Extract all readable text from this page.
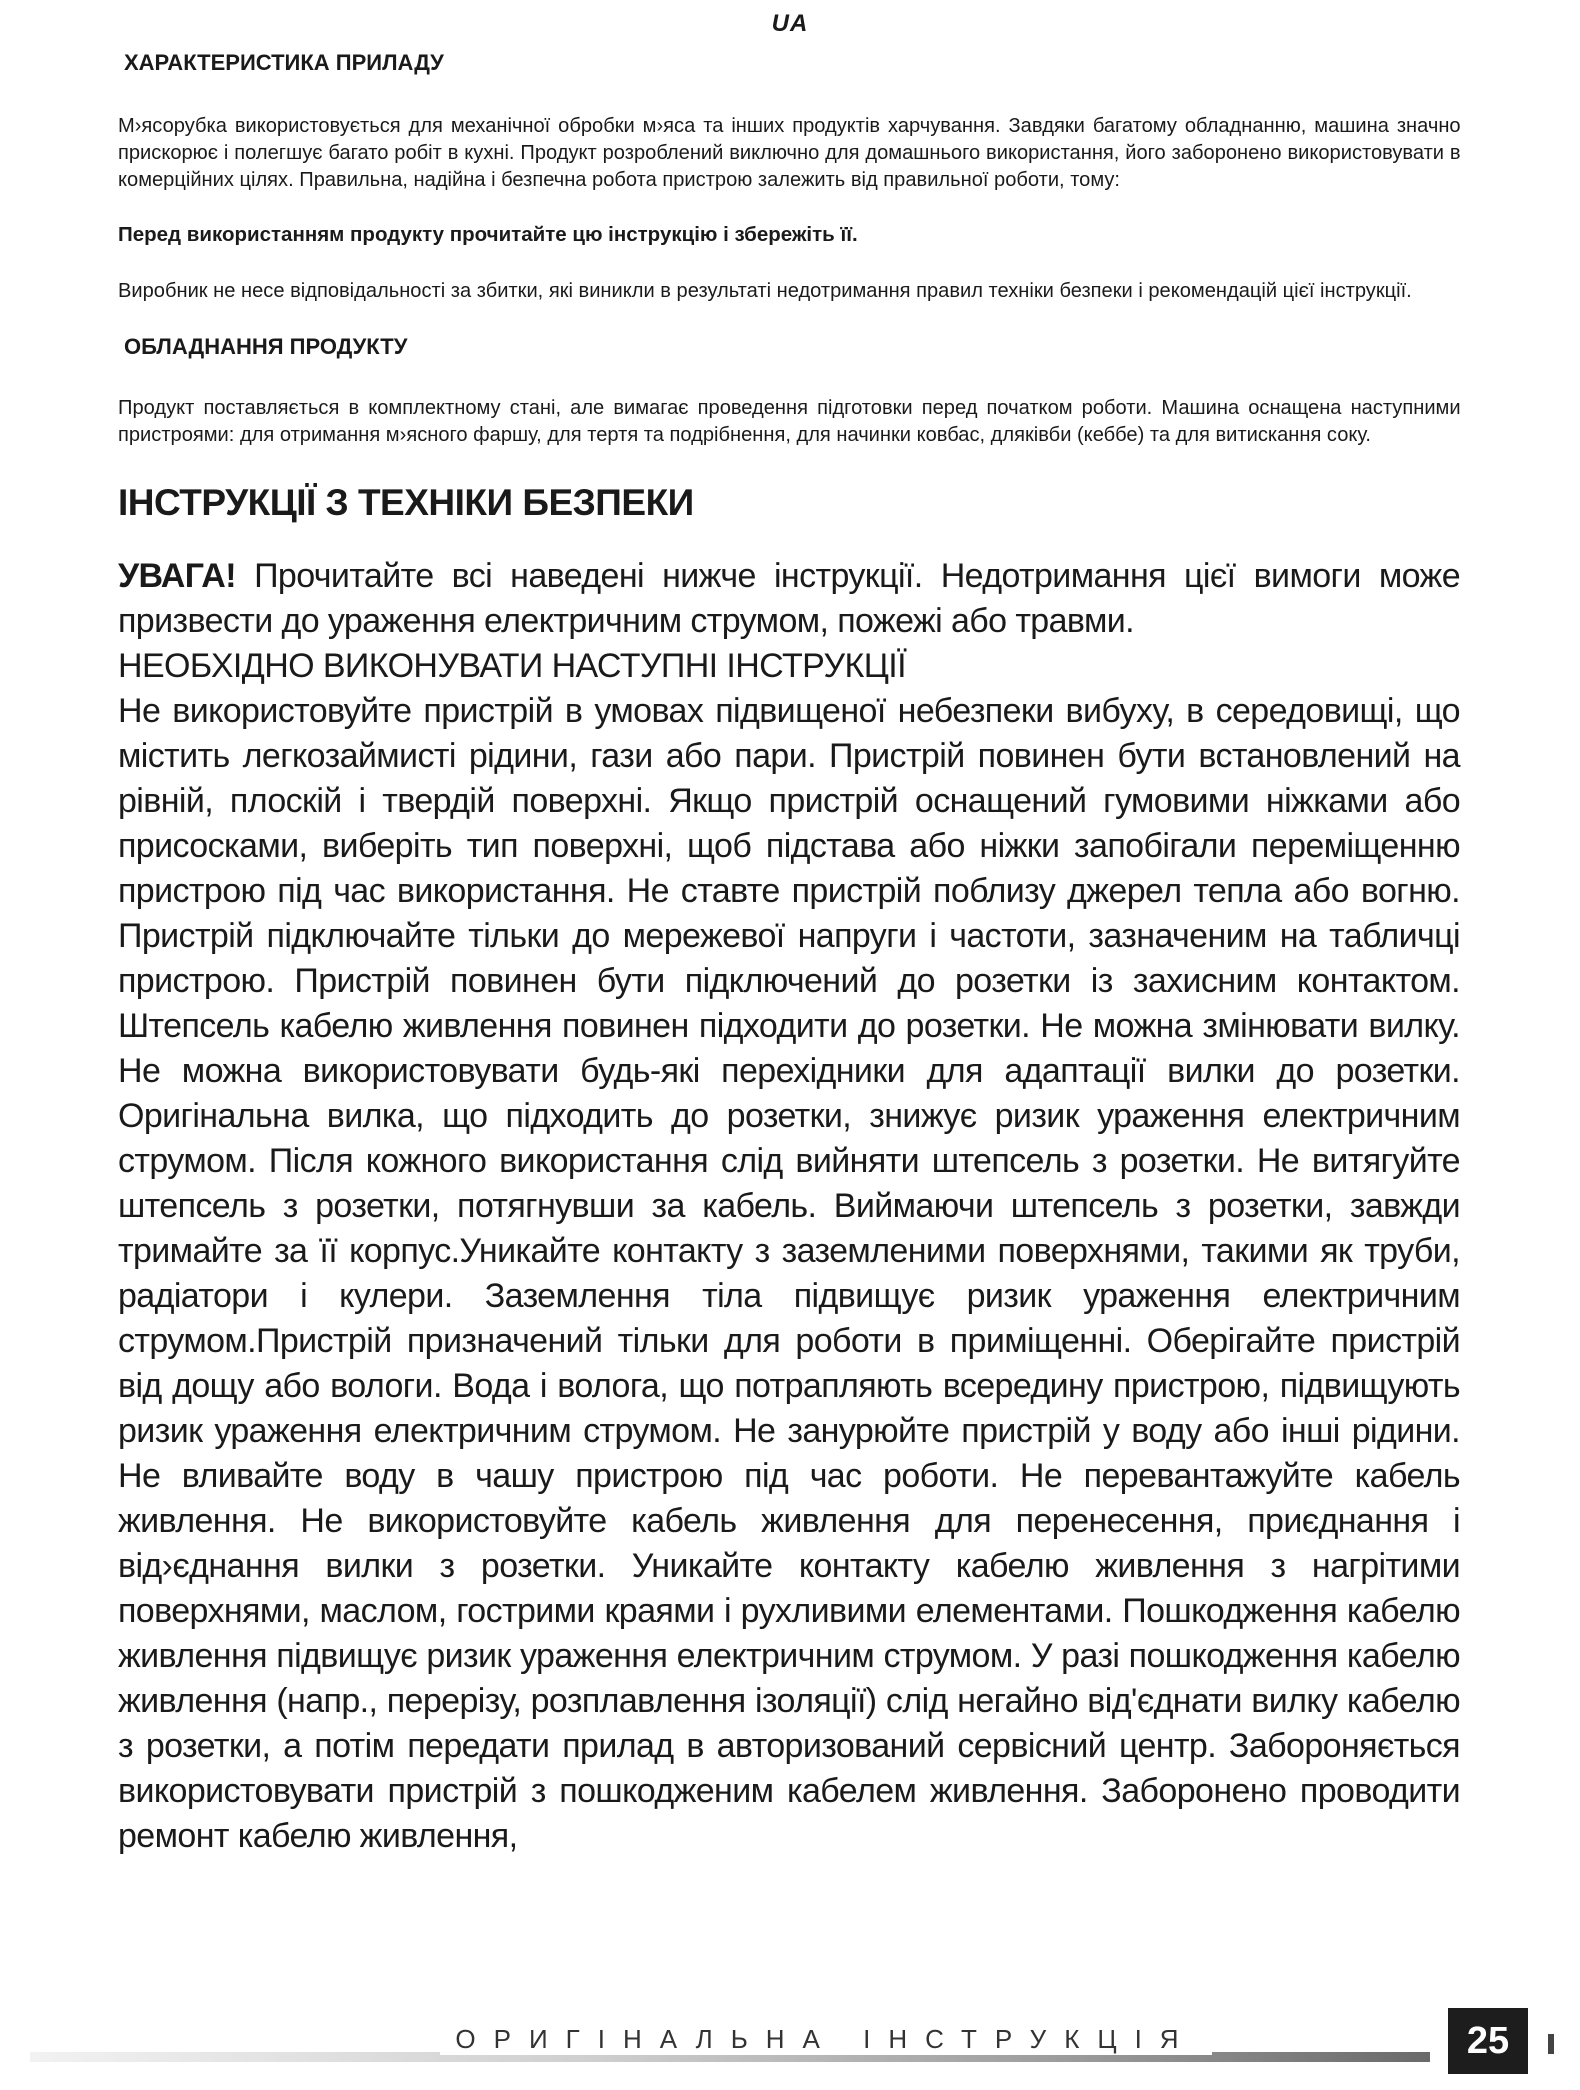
UA
ХАРАКТЕРИСТИКА ПРИЛАДУ

М›ясорубка використовується для механічної обробки м›яса та інших продуктів харчування. Завдяки багатому обладнанню, машина значно прискорює і полегшує багато робіт в кухні. Продукт розроблений виключно для домашнього використання, його заборонено використовувати в комерційних цілях. Правильна, надійна і безпечна робота пристрою залежить від правильної роботи, тому:

Перед використанням продукту прочитайте цю інструкцію і збережіть її.

Виробник не несе відповідальності за збитки, які виникли в результаті недотримання правил техніки безпеки і рекомендацій цієї інструкції.

ОБЛАДНАННЯ ПРОДУКТУ

Продукт поставляється в комплектному стані, але вимагає проведення підготовки перед початком роботи. Машина оснащена наступними пристроями: для отримання м›ясного фаршу, для тертя та подрібнення, для начинки ковбас, дляківби (кеббе) та для витискання соку.

ІНСТРУКЦІЇ З ТЕХНІКИ БЕЗПЕКИ

УВАГА! Прочитайте всі наведені нижче інструкції. Недотримання цієї вимоги може призвести до ураження електричним струмом, пожежі або травми.

НЕОБХІДНО ВИКОНУВАТИ НАСТУПНІ ІНСТРУКЦІЇ

Не використовуйте пристрій в умовах підвищеної небезпеки вибуху, в середовищі, що містить легкозаймисті рідини, гази або пари. Пристрій повинен бути встановлений на рівній, плоскій і твердій поверхні. Якщо пристрій оснащений гумовими ніжками або присосками, виберіть тип поверхні, щоб підстава або ніжки запобігали переміщенню пристрою під час використання. Не ставте пристрій поблизу джерел тепла або вогню. Пристрій підключайте тільки до мережевої напруги і частоти, зазначеним на табличці пристрою. Пристрій повинен бути підключений до розетки із захисним контактом. Штепсель кабелю живлення повинен підходити до розетки. Не можна змінювати вилку. Не можна використовувати будь-які перехідники для адаптації вилки до розетки. Оригінальна вилка, що підходить до розетки, знижує ризик ураження електричним струмом. Після кожного використання слід вийняти штепсель з розетки. Не витягуйте штепсель з розетки, потягнувши за кабель. Виймаючи штепсель з розетки, завжди тримайте за її корпус.Уникайте контакту з заземленими поверхнями, такими як труби, радіатори і кулери. Заземлення тіла підвищує ризик ураження електричним струмом.Пристрій призначений тільки для роботи в приміщенні. Оберігайте пристрій від дощу або вологи. Вода і волога, що потрапляють всередину пристрою, підвищують ризик ураження електричним струмом. Не занурюйте пристрій у воду або інші рідини. Не вливайте воду в чашу пристрою під час роботи. Не перевантажуйте кабель живлення. Не використовуйте кабель живлення для перенесення, приєднання і від›єднання вилки з розетки. Уникайте контакту кабелю живлення з нагрітими поверхнями, маслом, гострими краями і рухливими елементами. Пошкодження кабелю живлення підвищує ризик ураження електричним струмом. У разі пошкодження кабелю живлення (напр., перерізу, розплавлення ізоляції) слід негайно від'єднати вилку кабелю з розетки, а потім передати прилад в авторизований сервісний центр. Забороняється використовувати пристрій з пошкодженим кабелем живлення. Заборонено проводити ремонт кабелю живлення,

ОРИГІНАЛЬНА ІНСТРУКЦІЯ	25
